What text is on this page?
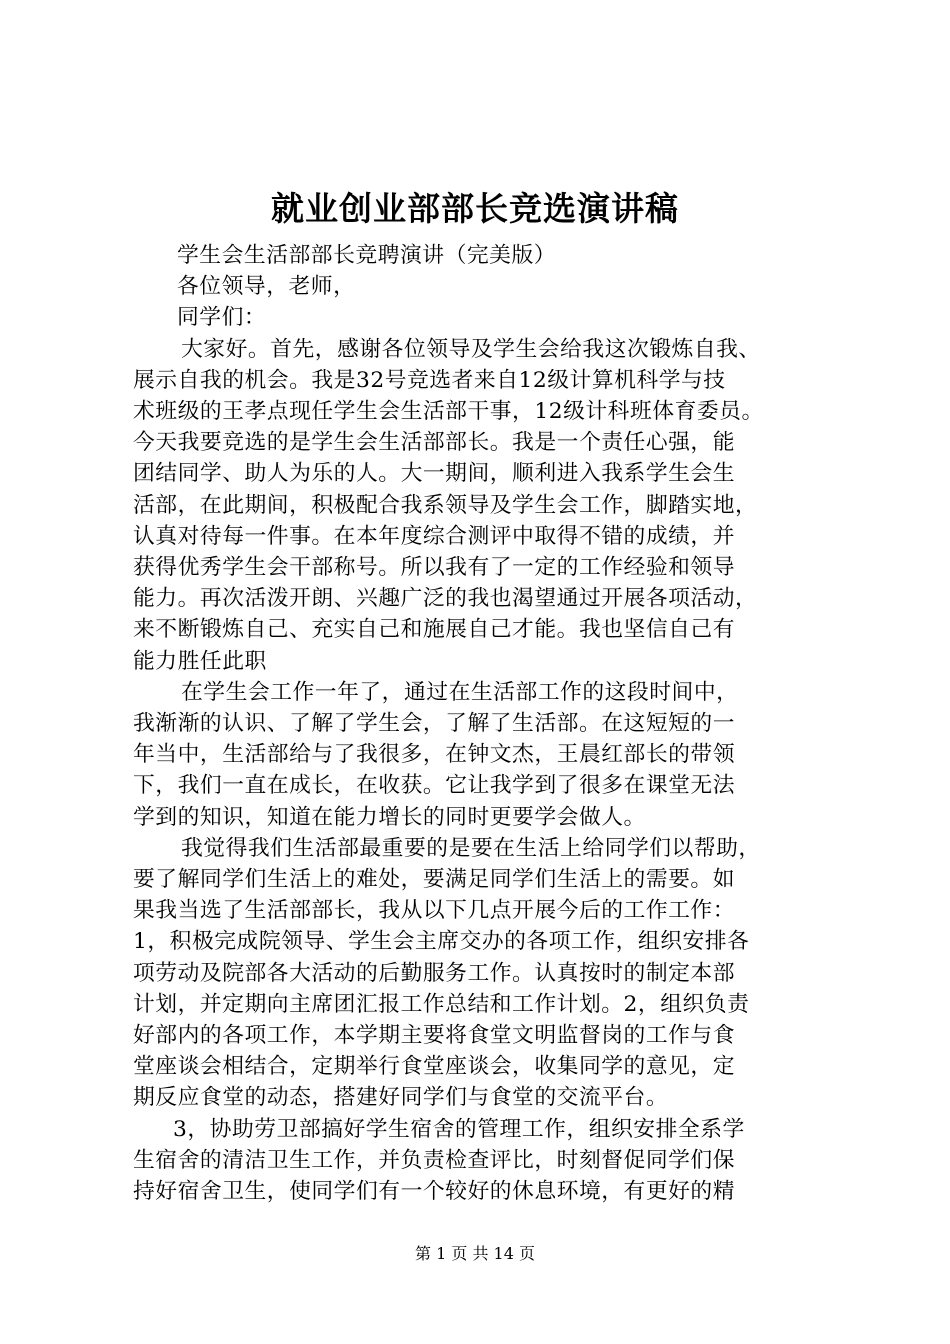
就业创业部部长竞选演讲稿
学生会生活部部长竞聘演讲（完美版）
各位领导，老师，
同学们：
大家好。首先，感谢各位领导及学生会给我这次锻炼自我、
展示自我的机会。我是32号竞选者来自12级计算机科学与技
术班级的王孝点现任学生会生活部干事，12级计科班体育委员。
今天我要竞选的是学生会生活部部长。我是一个责任心强，能
团结同学、助人为乐的人。大一期间，顺利进入我系学生会生
活部，在此期间，积极配合我系领导及学生会工作，脚踏实地，
认真对待每一件事。在本年度综合测评中取得不错的成绩，并
获得优秀学生会干部称号。所以我有了一定的工作经验和领导
能力。再次活泼开朗、兴趣广泛的我也渴望通过开展各项活动，
来不断锻炼自己、充实自己和施展自己才能。我也坚信自己有
能力胜任此职
在学生会工作一年了，通过在生活部工作的这段时间中，
我渐渐的认识、了解了学生会，了解了生活部。在这短短的一
年当中，生活部给与了我很多，在钟文杰，王晨红部长的带领
下，我们一直在成长，在收获。它让我学到了很多在课堂无法
学到的知识，知道在能力增长的同时更要学会做人。
我觉得我们生活部最重要的是要在生活上给同学们以帮助，
要了解同学们生活上的难处，要满足同学们生活上的需要。如
果我当选了生活部部长，我从以下几点开展今后的工作工作：
1，积极完成院领导、学生会主席交办的各项工作，组织安排各
项劳动及院部各大活动的后勤服务工作。认真按时的制定本部
计划，并定期向主席团汇报工作总结和工作计划。2，组织负责
好部内的各项工作，本学期主要将食堂文明监督岗的工作与食
堂座谈会相结合，定期举行食堂座谈会，收集同学的意见，定
期反应食堂的动态，搭建好同学们与食堂的交流平台。
3，协助劳卫部搞好学生宿舍的管理工作，组织安排全系学
生宿舍的清洁卫生工作，并负责检查评比，时刻督促同学们保
持好宿舍卫生，使同学们有一个较好的休息环境，有更好的精
第 1 页 共 14 页
